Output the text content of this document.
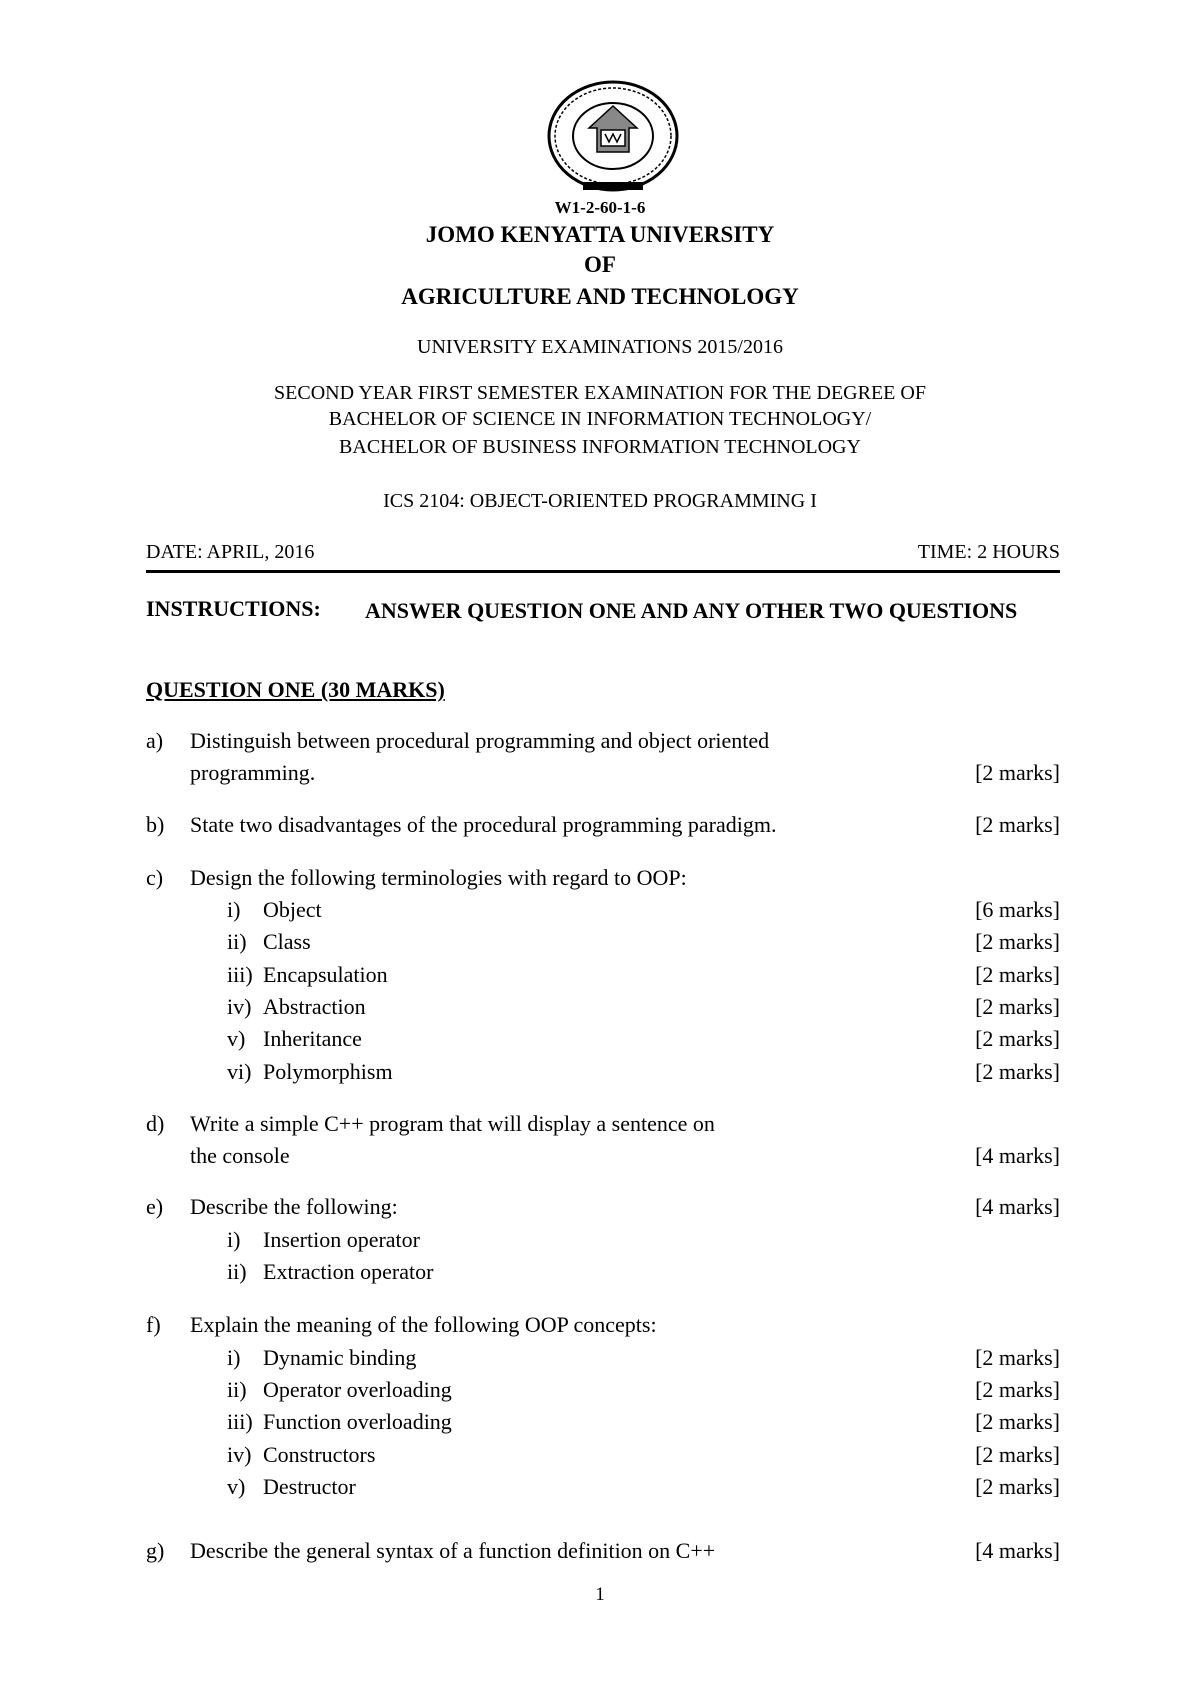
W1-2-60-1-6
JOMO KENYATTA UNIVERSITY
OF
AGRICULTURE AND TECHNOLOGY
UNIVERSITY EXAMINATIONS 2015/2016
SECOND YEAR FIRST SEMESTER EXAMINATION FOR THE DEGREE OF
BACHELOR OF SCIENCE IN INFORMATION TECHNOLOGY/
BACHELOR OF BUSINESS INFORMATION TECHNOLOGY
ICS 2104: OBJECT-ORIENTED PROGRAMMING I
DATE: APRIL, 2016	TIME: 2 HOURS
INSTRUCTIONS: ANSWER QUESTION ONE AND ANY OTHER TWO QUESTIONS
QUESTION ONE (30 MARKS)
a) Distinguish between procedural programming and object oriented
programming.	[2 marks]
b) State two disadvantages of the procedural programming paradigm.	[2 marks]
c) Design the following terminologies with regard to OOP:
i) Object	[6 marks]
ii) Class	[2 marks]
iii) Encapsulation	[2 marks]
iv) Abstraction	[2 marks]
v) Inheritance	[2 marks]
vi) Polymorphism	[2 marks]
d) Write a simple C++ program that will display a sentence on
the console	[4 marks]
e) Describe the following:	[4 marks]
i) Insertion operator
ii) Extraction operator
f) Explain the meaning of the following OOP concepts:
i) Dynamic binding	[2 marks]
ii) Operator overloading	[2 marks]
iii) Function overloading	[2 marks]
iv) Constructors	[2 marks]
v) Destructor	[2 marks]
g) Describe the general syntax of a function definition on C++	[4 marks]
1
